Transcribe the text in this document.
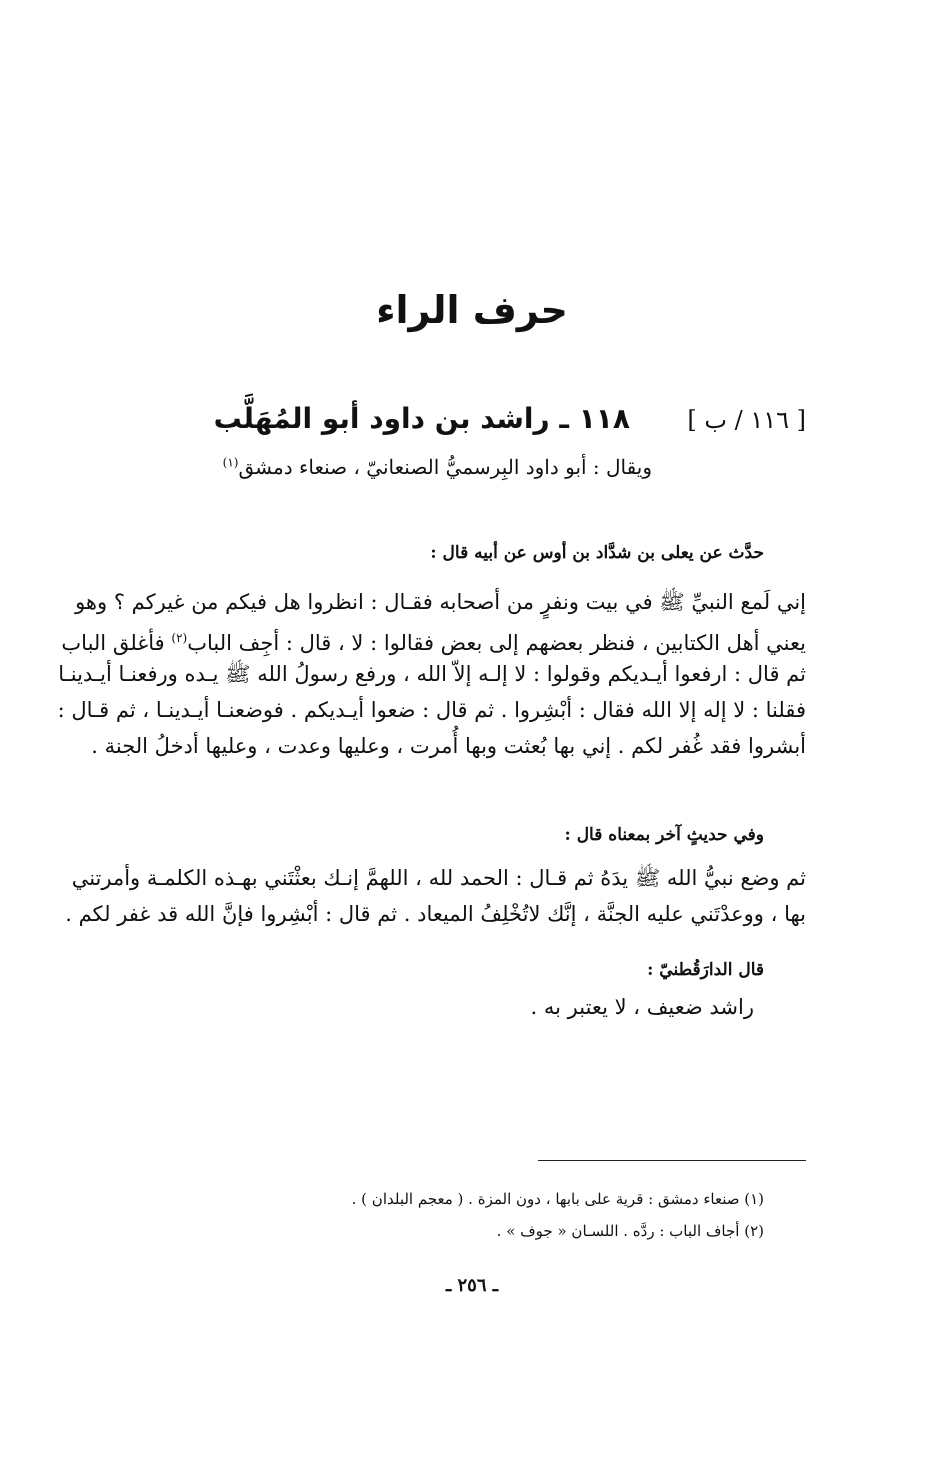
حرف الراء
[ ١١٦ / ب ]
١١٨ ـ راشد بن داود أبو المُهَلَّب
ويقال : أبو داود البِرسميُّ الصنعانيّ ، صنعاء دمشق$^{(١)}$
حدَّث عن يعلى بن شدَّاد بن أوس عن أبيه قال :
إني لَمع النبيِّ ﷺ في بيت ونفرٍ من أصحابه فقـال : انظروا هل فيكم من غيركم ؟ وهو
يعني أهل الكتابين ، فنظر بعضهم إلى بعض فقالوا : لا ، قال : أجِف الباب$^{(٢)}$ فأغلق الباب
ثم قال : ارفعوا أيـديكم وقولوا : لا إلـه إلاّ الله ، ورفع رسولُ الله ﷺ يـده ورفعنـا أيـدينـا
فقلنا : لا إله إلا الله فقال : أبْشِروا . ثم قال : ضعوا أيـديكم . فوضعنـا أيـدينـا ، ثم قـال :
أبشروا فقد غُفر لكم . إني بها بُعثت وبها أُمرت ، وعليها وعدت ، وعليها أدخلُ الجنة .
وفي حديثٍ آخر بمعناه قال :
ثم وضع نبيُّ الله ﷺ يدَهُ ثم قـال : الحمد لله ، اللهمَّ إنـك بعثْتَني بهـذه الكلمـة وأمرتني
بها ، ووعدْتَني عليه الجنَّة ، إنَّك لاتُخْلِفُ الميعاد . ثم قال : أبْشِروا فإنَّ الله قد غفر لكم .
قال الدارَقُطنيّ :
راشد ضعيف ، لا يعتبر به .
(١) صنعاء دمشق : قرية على بابها ، دون المزة . ( معجم البلدان ) .
(٢) أجاف الباب : ردَّه . اللسـان « جوف » .
ـ ٢٥٦ ـ
